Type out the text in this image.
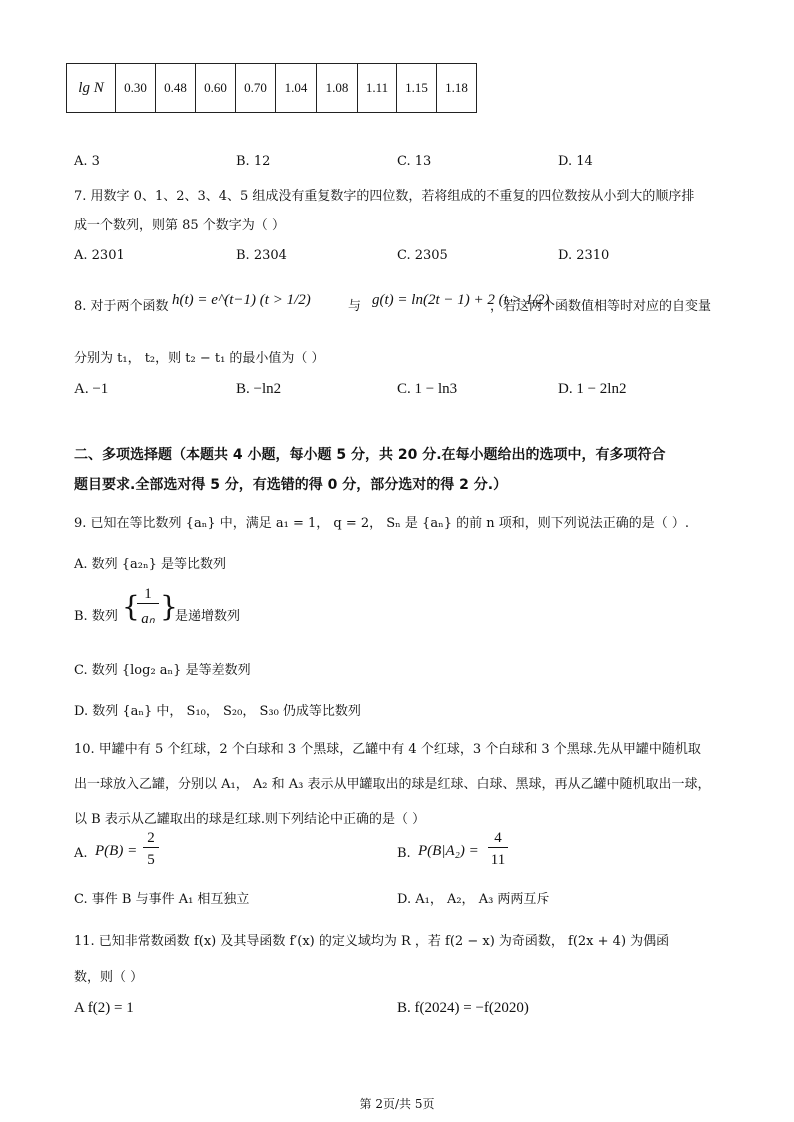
lg N	0.30	0.48	0.60	0.70	1.04	1.08	1.11	1.15	1.18
A. 3	B. 12	C. 13	D. 14
7. 用数字 0、1、2、3、4、5 组成没有重复数字的四位数，若将组成的不重复的四位数按从小到大的顺序排
成一个数列，则第 85 个数字为（ ）
A. 2301	B. 2304	C. 2305	D. 2310
8. 对于两个函数 h(t) = e^(t−1) (t > 1/2)	与 g(t) = ln(2t − 1) + 2 (t > 1/2)
，若这两个函数值相等时对应的自变量
分别为 t₁， t₂，则 t₂ − t₁ 的最小值为（ ）
A. −1	B. −ln2	C. 1 − ln3	D. 1 − 2ln2
二、多项选择题（本题共 4 小题，每小题 5 分，共 20 分.在每小题给出的选项中，有多项符合
题目要求.全部选对得 5 分，有选错的得 0 分，部分选对的得 2 分.）
9. 已知在等比数列 {aₙ} 中，满足 a₁ = 1， q = 2， Sₙ 是 {aₙ} 的前 n 项和，则下列说法正确的是（ ）.
A. 数列 {a₂ₙ} 是等比数列
B. 数列 { 1
aₙ }
是递增数列
C. 数列 {log₂ aₙ} 是等差数列
D. 数列 {aₙ} 中， S₁₀， S₂₀， S₃₀ 仍成等比数列
10. 甲罐中有 5 个红球，2 个白球和 3 个黑球，乙罐中有 4 个红球，3 个白球和 3 个黑球.先从甲罐中随机取
出一球放入乙罐，分别以 A₁， A₂ 和 A₃ 表示从甲罐取出的球是红球、白球、黑球，再从乙罐中随机取出一球，
以 B 表示从乙罐取出的球是红球.则下列结论中正确的是（ ）
A. P(B) =
2
5	B. P(B|A₂) =
4
11
C. 事件 B 与事件 A₁ 相互独立	D. A₁， A₂， A₃ 两两互斥
11. 已知非常数函数 f(x) 及其导函数 f′(x) 的定义域均为 R ，若 f(2 − x) 为奇函数， f(2x + 4) 为偶函
数，则（ ）
A f(2) = 1	B. f(2024) = −f(2020)
第 2页/共 5页
